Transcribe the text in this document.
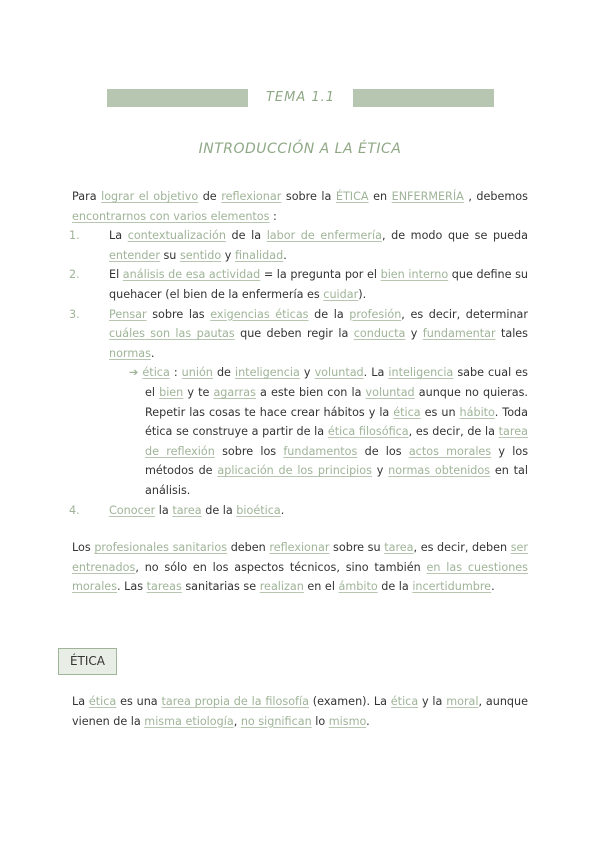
TEMA 1.1
INTRODUCCIÓN A LA ÉTICA

Para lograr el objetivo de reflexionar sobre la ÉTICA en ENFERMERÍA , debemos encontrarnos con varios elementos :

1.	La contextualización de la labor de enfermería, de modo que se pueda entender su sentido y finalidad.

2.	El análisis de esa actividad = la pregunta por el bien interno que define su quehacer (el bien de la enfermería es cuidar).

3.	Pensar sobre las exigencias éticas de la profesión, es decir, determinar cuáles son las pautas que deben regir la conducta y fundamentar tales normas.

➔ ética : unión de inteligencia y voluntad. La inteligencia sabe cual es el bien y te agarras a este bien con la voluntad aunque no quieras. Repetir las cosas te hace crear hábitos y la ética es un hábito. Toda ética se construye a partir de la ética filosófica, es decir, de la tarea de reflexión sobre los fundamentos de los actos morales y los métodos de aplicación de los principios y normas obtenidos en tal análisis.

4.	Conocer la tarea de la bioética.

Los profesionales sanitarios deben reflexionar sobre su tarea, es decir, deben ser entrenados, no sólo en los aspectos técnicos, sino también en las cuestiones morales. Las tareas sanitarias se realizan en el ámbito de la incertidumbre.

ÉTICA

La ética es una tarea propia de la filosofía (examen). La ética y la moral, aunque vienen de la misma etiología, no significan lo mismo.
